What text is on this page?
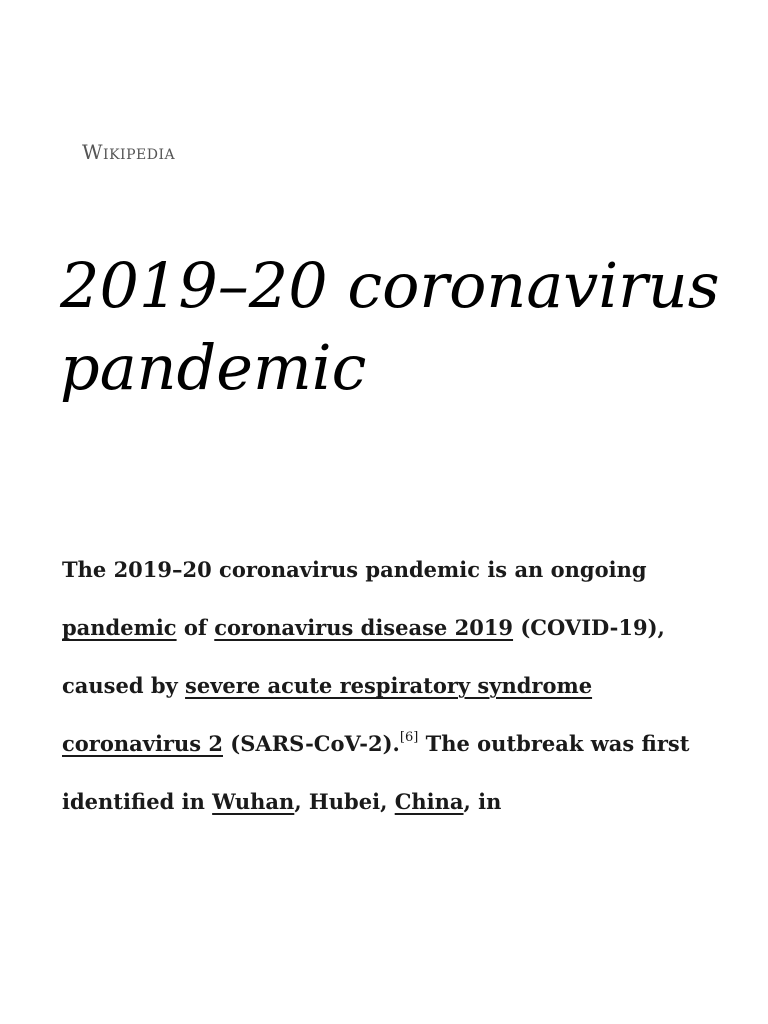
Wikipedia
2019–20 coronavirus pandemic

The 2019–20 coronavirus pandemic is an ongoing pandemic of coronavirus disease 2019 (COVID-19), caused by severe acute respiratory syndrome coronavirus 2 (SARS-CoV-2).[6] The outbreak was first identified in Wuhan, Hubei, China, in
